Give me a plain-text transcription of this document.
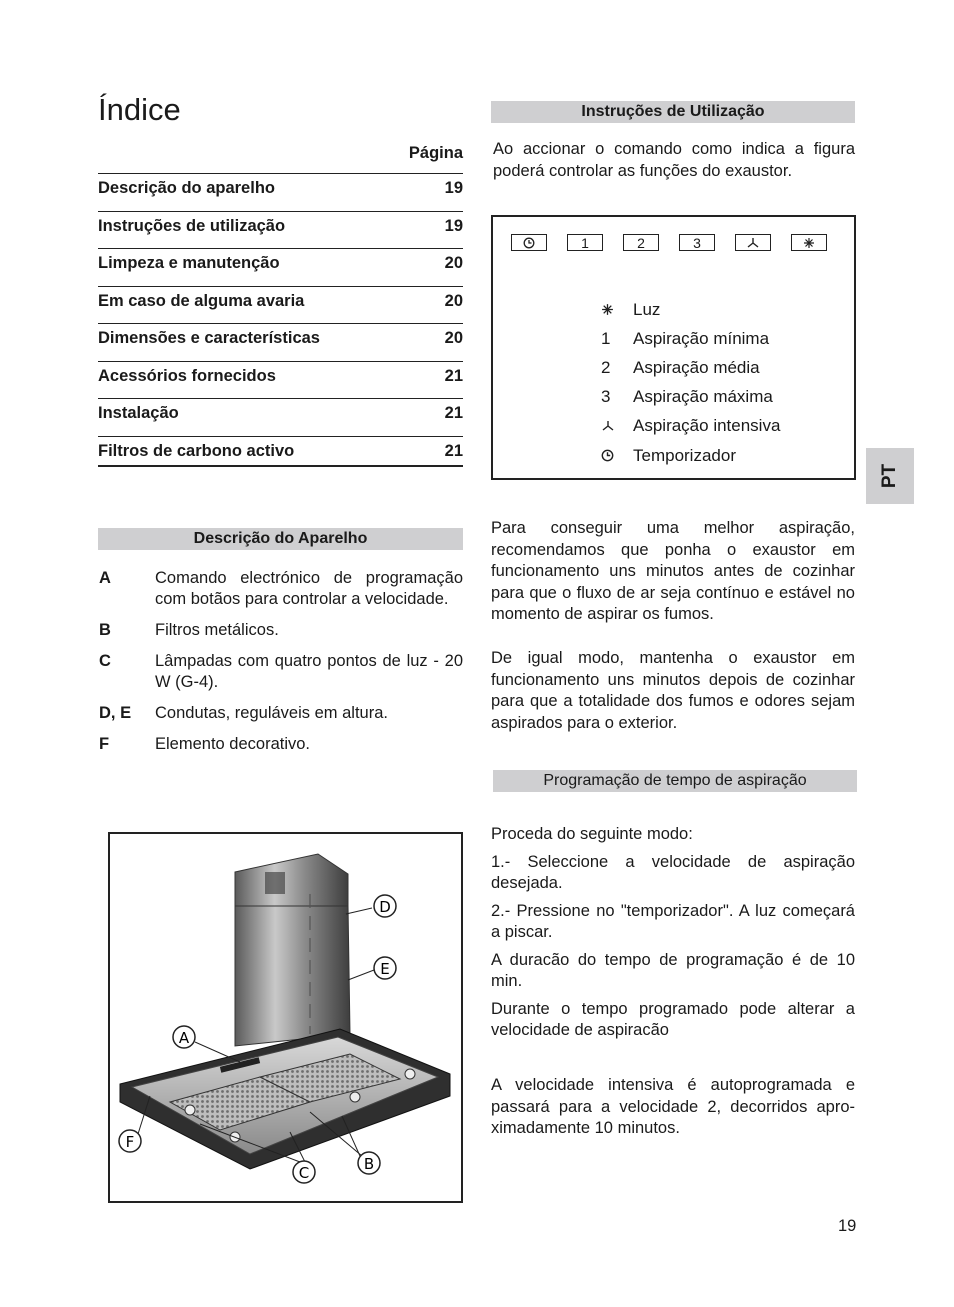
Índice
Página
Descrição do aparelho	19
Instruções de utilização	19
Limpeza e manutenção	20
Em caso de alguma avaria	20
Dimensões e características	20
Acessórios fornecidos	21
Instalação	21
Filtros de carbono activo	21
Descrição do Aparelho
A	Comando electrónico de programação com botãos para controlar a velocidade.
B	Filtros metálicos.
C	Lâmpadas com quatro pontos de luz - 20 W (G-4).
D, E	Condutas, reguláveis em altura.
F	Elemento decorativo.
D
E
A
F
C	B
Instruções de Utilização

Ao accionar o comando como indica a figura poderá controlar as funções do exaustor.

1	2	3
Luz
1	Aspiração mínima
2	Aspiração média
3	Aspiração máxima
Aspiração intensiva
Temporizador
PT

Para conseguir uma melhor aspiração, recomendamos que ponha o exaustor em funcionamento uns minutos antes de cozinhar para que o fluxo de ar seja contínuo e estável no momento de aspirar os fumos.

De igual modo, mantenha o exaustor em funcionamento uns minutos depois de cozinhar para que a totalidade dos fumos e odores sejam aspirados para o exterior.

Programação de tempo de aspiração

Proceda do seguinte modo:

1.- Seleccione a velocidade de aspiração desejada.

2.- Pressione no "temporizador". A luz começará a piscar.

A duracão do tempo de programação é de 10 min.

Durante o tempo programado pode alterar a velocidade de aspiracão

A velocidade intensiva é autoprogramada e passará para a velocidade 2, decorridos apro-ximadamente 10 minutos.

19
